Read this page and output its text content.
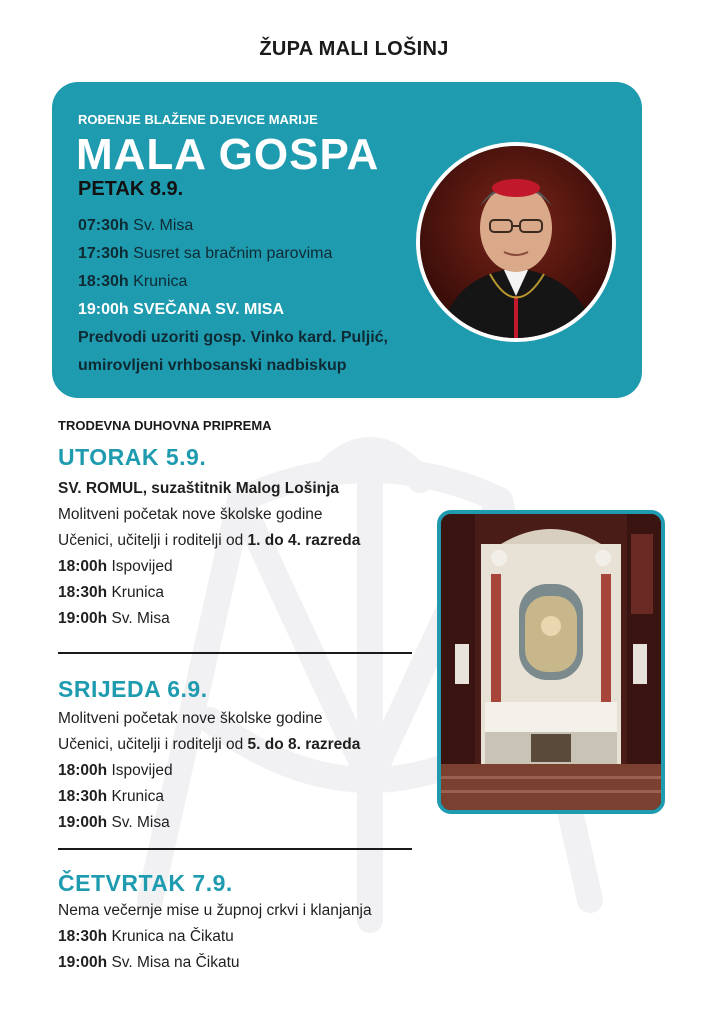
ŽUPA MALI LOŠINJ
ROĐENJE BLAŽENE DJEVICE MARIJE
MALA GOSPA
PETAK 8.9.
07:30h Sv. Misa
17:30h Susret sa bračnim parovima
18:30h Krunica
19:00h SVEČANA SV. MISA
Predvodi uzoriti gosp. Vinko kard. Puljić,
umirovljeni vrhbosanski nadbiskup
TRODEVNA DUHOVNA PRIPREMA
UTORAK 5.9.
SV. ROMUL, suzaštitnik Malog Lošinja
Molitveni početak nove školske godine
Učenici, učitelji i roditelji od 1. do 4. razreda
18:00h Ispovijed
18:30h Krunica
19:00h Sv. Misa
SRIJEDA 6.9.
Molitveni početak nove školske godine
Učenici, učitelji i roditelji od 5. do 8. razreda
18:00h Ispovijed
18:30h Krunica
19:00h Sv. Misa
ČETVRTAK 7.9.
Nema večernje mise u župnoj crkvi i klanjanja
18:30h Krunica na Čikatu
19:00h Sv. Misa na Čikatu
